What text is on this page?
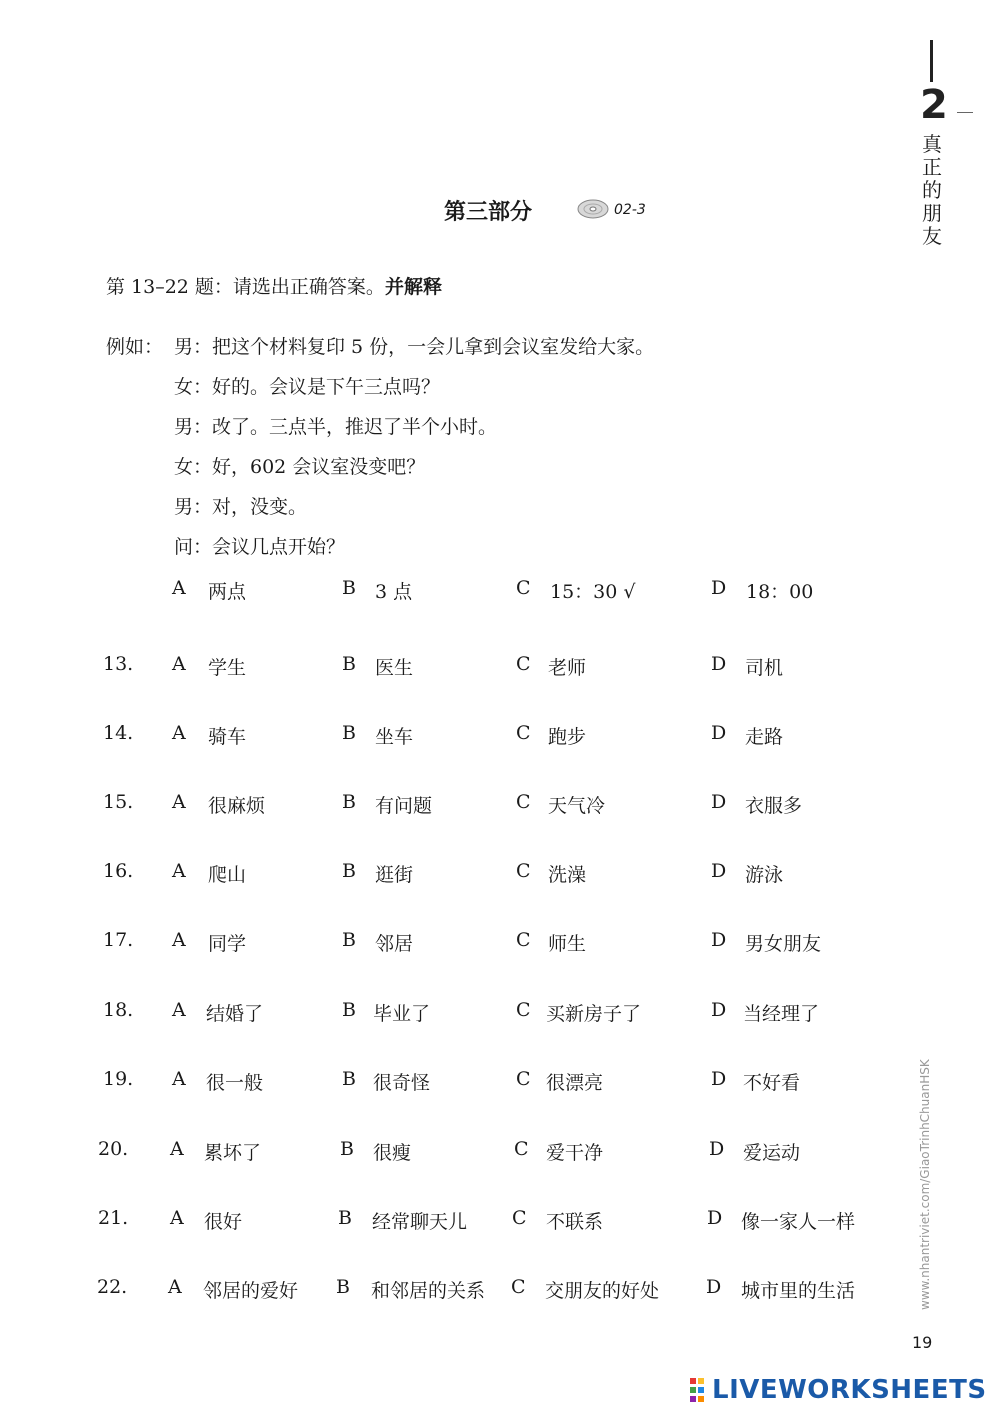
2
真正的朋友
第三部分	02-3
第 13–22 题：请选出正确答案。并解释
例如： 男：把这个材料复印 5 份，一会儿拿到会议室发给大家。
女：好的。会议是下午三点吗？
男：改了。三点半，推迟了半个小时。
女：好，602 会议室没变吧？
男：对，没变。
问：会议几点开始？
A 两点	B 3 点	C 15：30 √	D 18：00
13. A 学生	B 医生	C 老师	D 司机
14. A 骑车	B 坐车	C 跑步	D 走路
15. A 很麻烦	B 有问题	C 天气冷	D 衣服多
16. A 爬山	B 逛街	C 洗澡	D 游泳
17. A 同学	B 邻居	C 师生	D 男女朋友
18. A 结婚了	B 毕业了	C 买新房子了	D 当经理了
19. A 很一般	B 很奇怪	C 很漂亮	D 不好看
20. A 累坏了	B 很瘦	C 爱干净	D 爱运动
21. A 很好	B 经常聊天儿 C 不联系	D 像一家人一样
22. A 邻居的爱好 B 和邻居的关系 C 交朋友的好处 D 城市里的生活	www.nhantriviet.com/GiaoTrinhChuanHSK
19
LIVEWORKSHEETS
